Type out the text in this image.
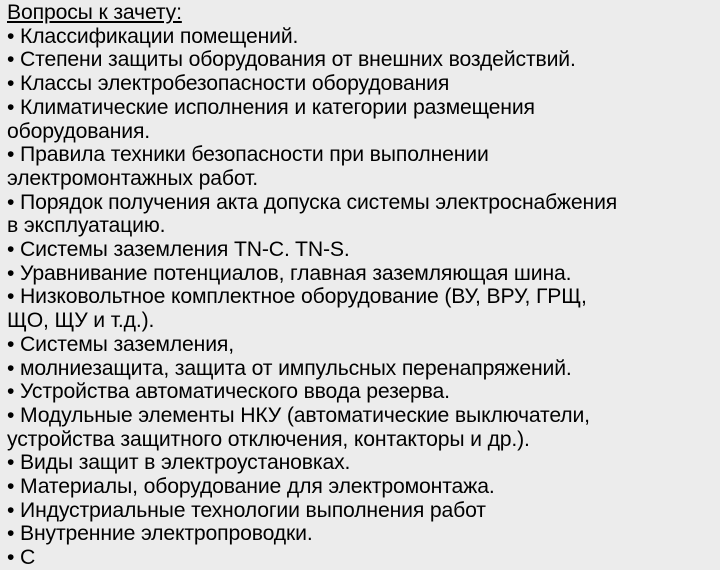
Вопросы к зачету:
• Классификации помещений.
• Степени защиты оборудования от внешних воздействий.
• Классы электробезопасности оборудования
• Климатические исполнения и категории размещения
оборудования.
• Правила техники безопасности при выполнении
электромонтажных работ.
• Порядок получения акта допуска системы электроснабжения
в эксплуатацию.
• Системы заземления TN-C. TN-S.
• Уравнивание потенциалов, главная заземляющая шина.
• Низковольтное комплектное оборудование (ВУ, ВРУ, ГРЩ,
ЩО, ЩУ и т.д.).
• Системы заземления,
• молниезащита, защита от импульсных перенапряжений.
• Устройства автоматического ввода резерва.
• Модульные элементы НКУ (автоматические выключатели,
устройства защитного отключения, контакторы и др.).
• Виды защит в электроустановках.
• Материалы, оборудование для электромонтажа.
• Индустриальные технологии выполнения работ
• Внутренние электропроводки.
• С
